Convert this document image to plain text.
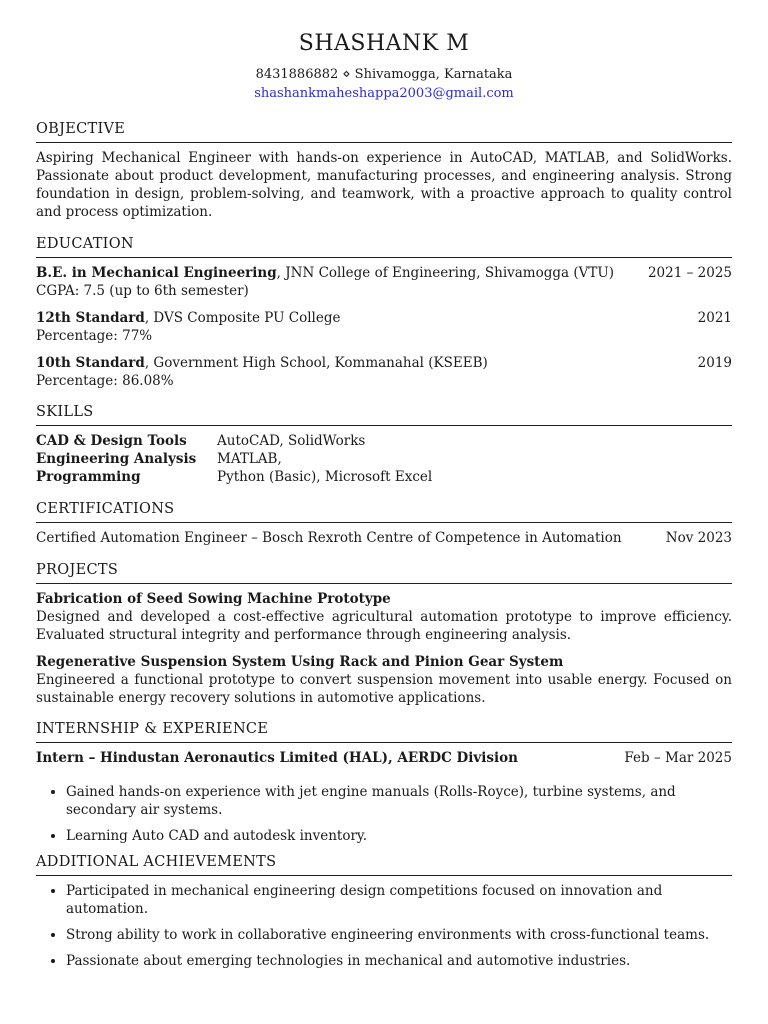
SHASHANK M
8431886882 ⋄ Shivamogga, Karnataka
shashankmaheshappa2003@gmail.com
OBJECTIVE

Aspiring Mechanical Engineer with hands-on experience in AutoCAD, MATLAB, and SolidWorks. Passionate about product development, manufacturing processes, and engineering analysis. Strong foundation in design, problem-solving, and teamwork, with a proactive approach to quality control and process optimization.

EDUCATION
B.E. in Mechanical Engineering, JNN College of Engineering, Shivamogga (VTU)	2021 – 2025
CGPA: 7.5 (up to 6th semester)
12th Standard, DVS Composite PU College	2021
Percentage: 77%
10th Standard, Government High School, Kommanahal (KSEEB)	2019
Percentage: 86.08%
SKILLS
CAD & Design Tools	AutoCAD, SolidWorks
Engineering Analysis	MATLAB,
Programming	Python (Basic), Microsoft Excel
CERTIFICATIONS
Certified Automation Engineer – Bosch Rexroth Centre of Competence in Automation	Nov 2023
PROJECTS
Fabrication of Seed Sowing Machine Prototype

Designed and developed a cost-effective agricultural automation prototype to improve efficiency. Evaluated structural integrity and performance through engineering analysis.

Regenerative Suspension System Using Rack and Pinion Gear System

Engineered a functional prototype to convert suspension movement into usable energy. Focused on sustainable energy recovery solutions in automotive applications.

INTERNSHIP & EXPERIENCE
Intern – Hindustan Aeronautics Limited (HAL), AERDC Division	Feb – Mar 2025
• Gained hands-on experience with jet engine manuals (Rolls-Royce), turbine systems, and secondary air systems.
• Learning Auto CAD and autodesk inventory.
ADDITIONAL ACHIEVEMENTS
• Participated in mechanical engineering design competitions focused on innovation and automation.
• Strong ability to work in collaborative engineering environments with cross-functional teams.
• Passionate about emerging technologies in mechanical and automotive industries.
